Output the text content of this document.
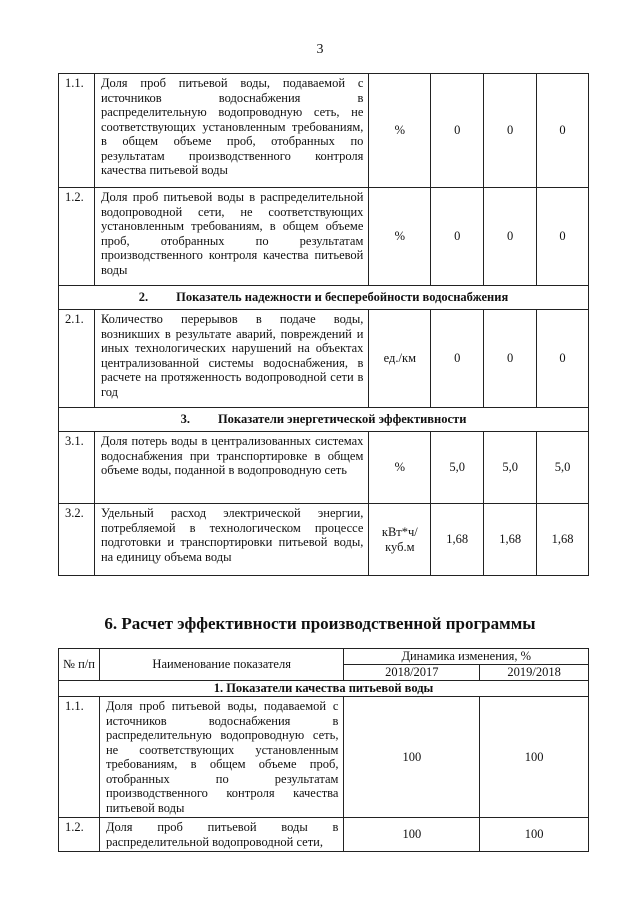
3
1.1.	Доля проб питьевой воды, подаваемой с источников водоснабжения в распределительную водопроводную сеть, не соответствующих установленным требованиям, в общем объеме проб, отобранных по результатам производственного контроля качества питьевой воды	%	0	0	0
1.2.	Доля проб питьевой воды в распределительной водопроводной сети, не соответствующих установленным требованиям, в общем объеме проб, отобранных по результатам производственного контроля качества питьевой воды	%	0	0	0
2. Показатель надежности и бесперебойности водоснабжения					
2.1.	Количество перерывов в подаче воды, возникших в результате аварий, повреждений и иных технологических нарушений на объектах централизованной системы водоснабжения, в расчете на протяженность водопроводной сети в год	ед./км	0	0	0
3. Показатели энергетической эффективности					
3.1.	Доля потерь воды в централизованных системах водоснабжения при транспортировке в общем объеме воды, поданной в водопроводную сеть	%	5,0	5,0	5,0
3.2.	Удельный расход электрической энергии, потребляемой в технологическом процессе подготовки и транспортировки питьевой воды, на единицу объема воды	кВт*ч/ куб.м	1,68	1,68	1,68
6. Расчет эффективности производственной программы
№ п/п	Наименование показателя	Динамика изменения, %	
		2018/2017	2019/2018
1. Показатели качества питьевой воды			
1.1.	Доля проб питьевой воды, подаваемой с источников водоснабжения в распределительную водопроводную сеть, не соответствующих установленным требованиям, в общем объеме проб, отобранных по результатам производственного контроля качества питьевой воды	100	100
1.2.	Доля проб питьевой воды в распределительной водопроводной сети,	100	100
